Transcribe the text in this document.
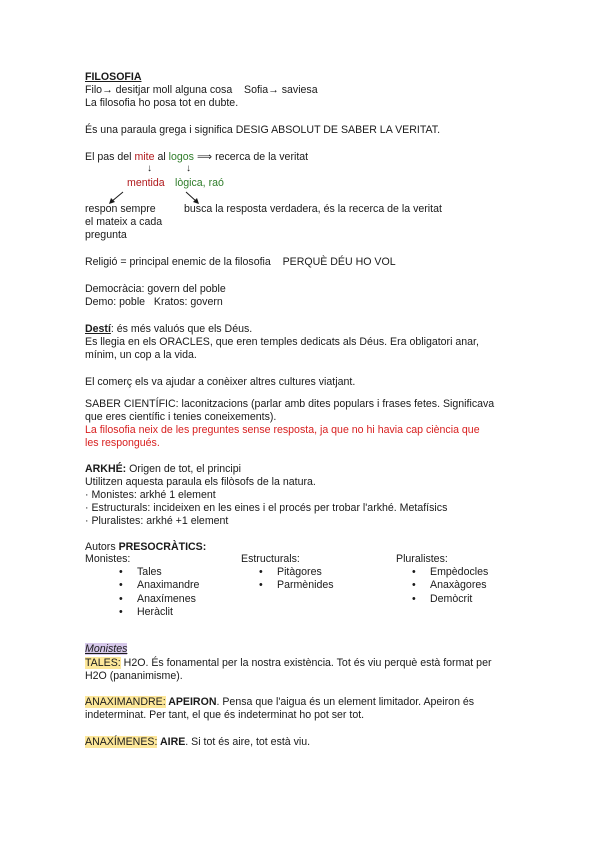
FILOSOFIA
Filo→ desitjar moll alguna cosa Sofia→ saviesa
La filosofia ho posa tot en dubte.
És una paraula grega i significa DESIG ABSOLUT DE SABER LA VERITAT.
El pas del mite al logos ⟹ recerca de la veritat
↓	↓
mentida lògica, raó
respon sempre
el mateix a cada
pregunta
busca la resposta verdadera, és la recerca de la veritat
Religió = principal enemic de la filosofia PERQUÈ DÉU HO VOL
Democràcia: govern del poble
Demo: poble   Kratos: govern
Destí: és més valuós que els Déus.
Es llegia en els ORACLES, que eren temples dedicats als Déus. Era obligatori anar,
mínim, un cop a la vida.
El comerç els va ajudar a conèixer altres cultures viatjant.
SABER CIENTÍFIC: laconitzacions (parlar amb dites populars i frases fetes. Significava
que eres científic i tenies coneixements).
La filosofia neix de les preguntes sense resposta, ja que no hi havia cap ciència que
les respongués.
ARKHÉ: Origen de tot, el principi
Utilitzen aquesta paraula els filòsofs de la natura.
· Monistes: arkhé 1 element
· Estructurals: incideixen en les eines i el procés per trobar l'arkhé. Metafísics
· Pluralistes: arkhé +1 element
Autors PRESOCRÀTICS:
Monistes:
• Tales
• Anaximandre
• Anaxímenes
• Heràclit
Estructurals:
• Pitàgores
• Parmènides
Pluralistes:
• Empèdocles
• Anaxàgores
• Demòcrit
Monistes
TALES: H2O. És fonamental per la nostra existència. Tot és viu perquè està format per
H2O (pananimisme).
ANAXIMANDRE: APEIRON. Pensa que l'aigua és un element limitador. Apeiron és
indeterminat. Per tant, el que és indeterminat ho pot ser tot.
ANAXÍMENES: AIRE. Si tot és aire, tot està viu.
